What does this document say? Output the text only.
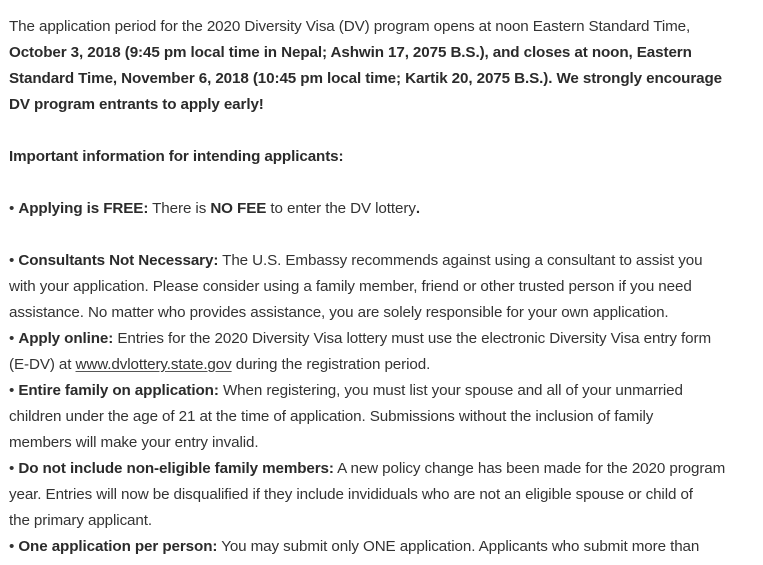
The application period for the 2020 Diversity Visa (DV) program opens at noon Eastern Standard Time,

October 3, 2018 (9:45 pm local time in Nepal; Ashwin 17, 2075 B.S.), and closes at noon, Eastern

Standard Time, November 6, 2018 (10:45 pm local time; Kartik 20, 2075 B.S.). We strongly encourage

DV program entrants to apply early!

Important information for intending applicants:

• Applying is FREE: There is NO FEE to enter the DV lottery.

• Consultants Not Necessary: The U.S. Embassy recommends against using a consultant to assist you

with your application. Please consider using a family member, friend or other trusted person if you need

assistance. No matter who provides assistance, you are solely responsible for your own application.

• Apply online: Entries for the 2020 Diversity Visa lottery must use the electronic Diversity Visa entry form

(E-DV) at www.dvlottery.state.gov during the registration period.

• Entire family on application: When registering, you must list your spouse and all of your unmarried

children under the age of 21 at the time of application. Submissions without the inclusion of family

members will make your entry invalid.

• Do not include non-eligible family members: A new policy change has been made for the 2020 program

year. Entries will now be disqualified if they include invididuals who are not an eligible spouse or child of

the primary applicant.

• One application per person: You may submit only ONE application. Applicants who submit more than
